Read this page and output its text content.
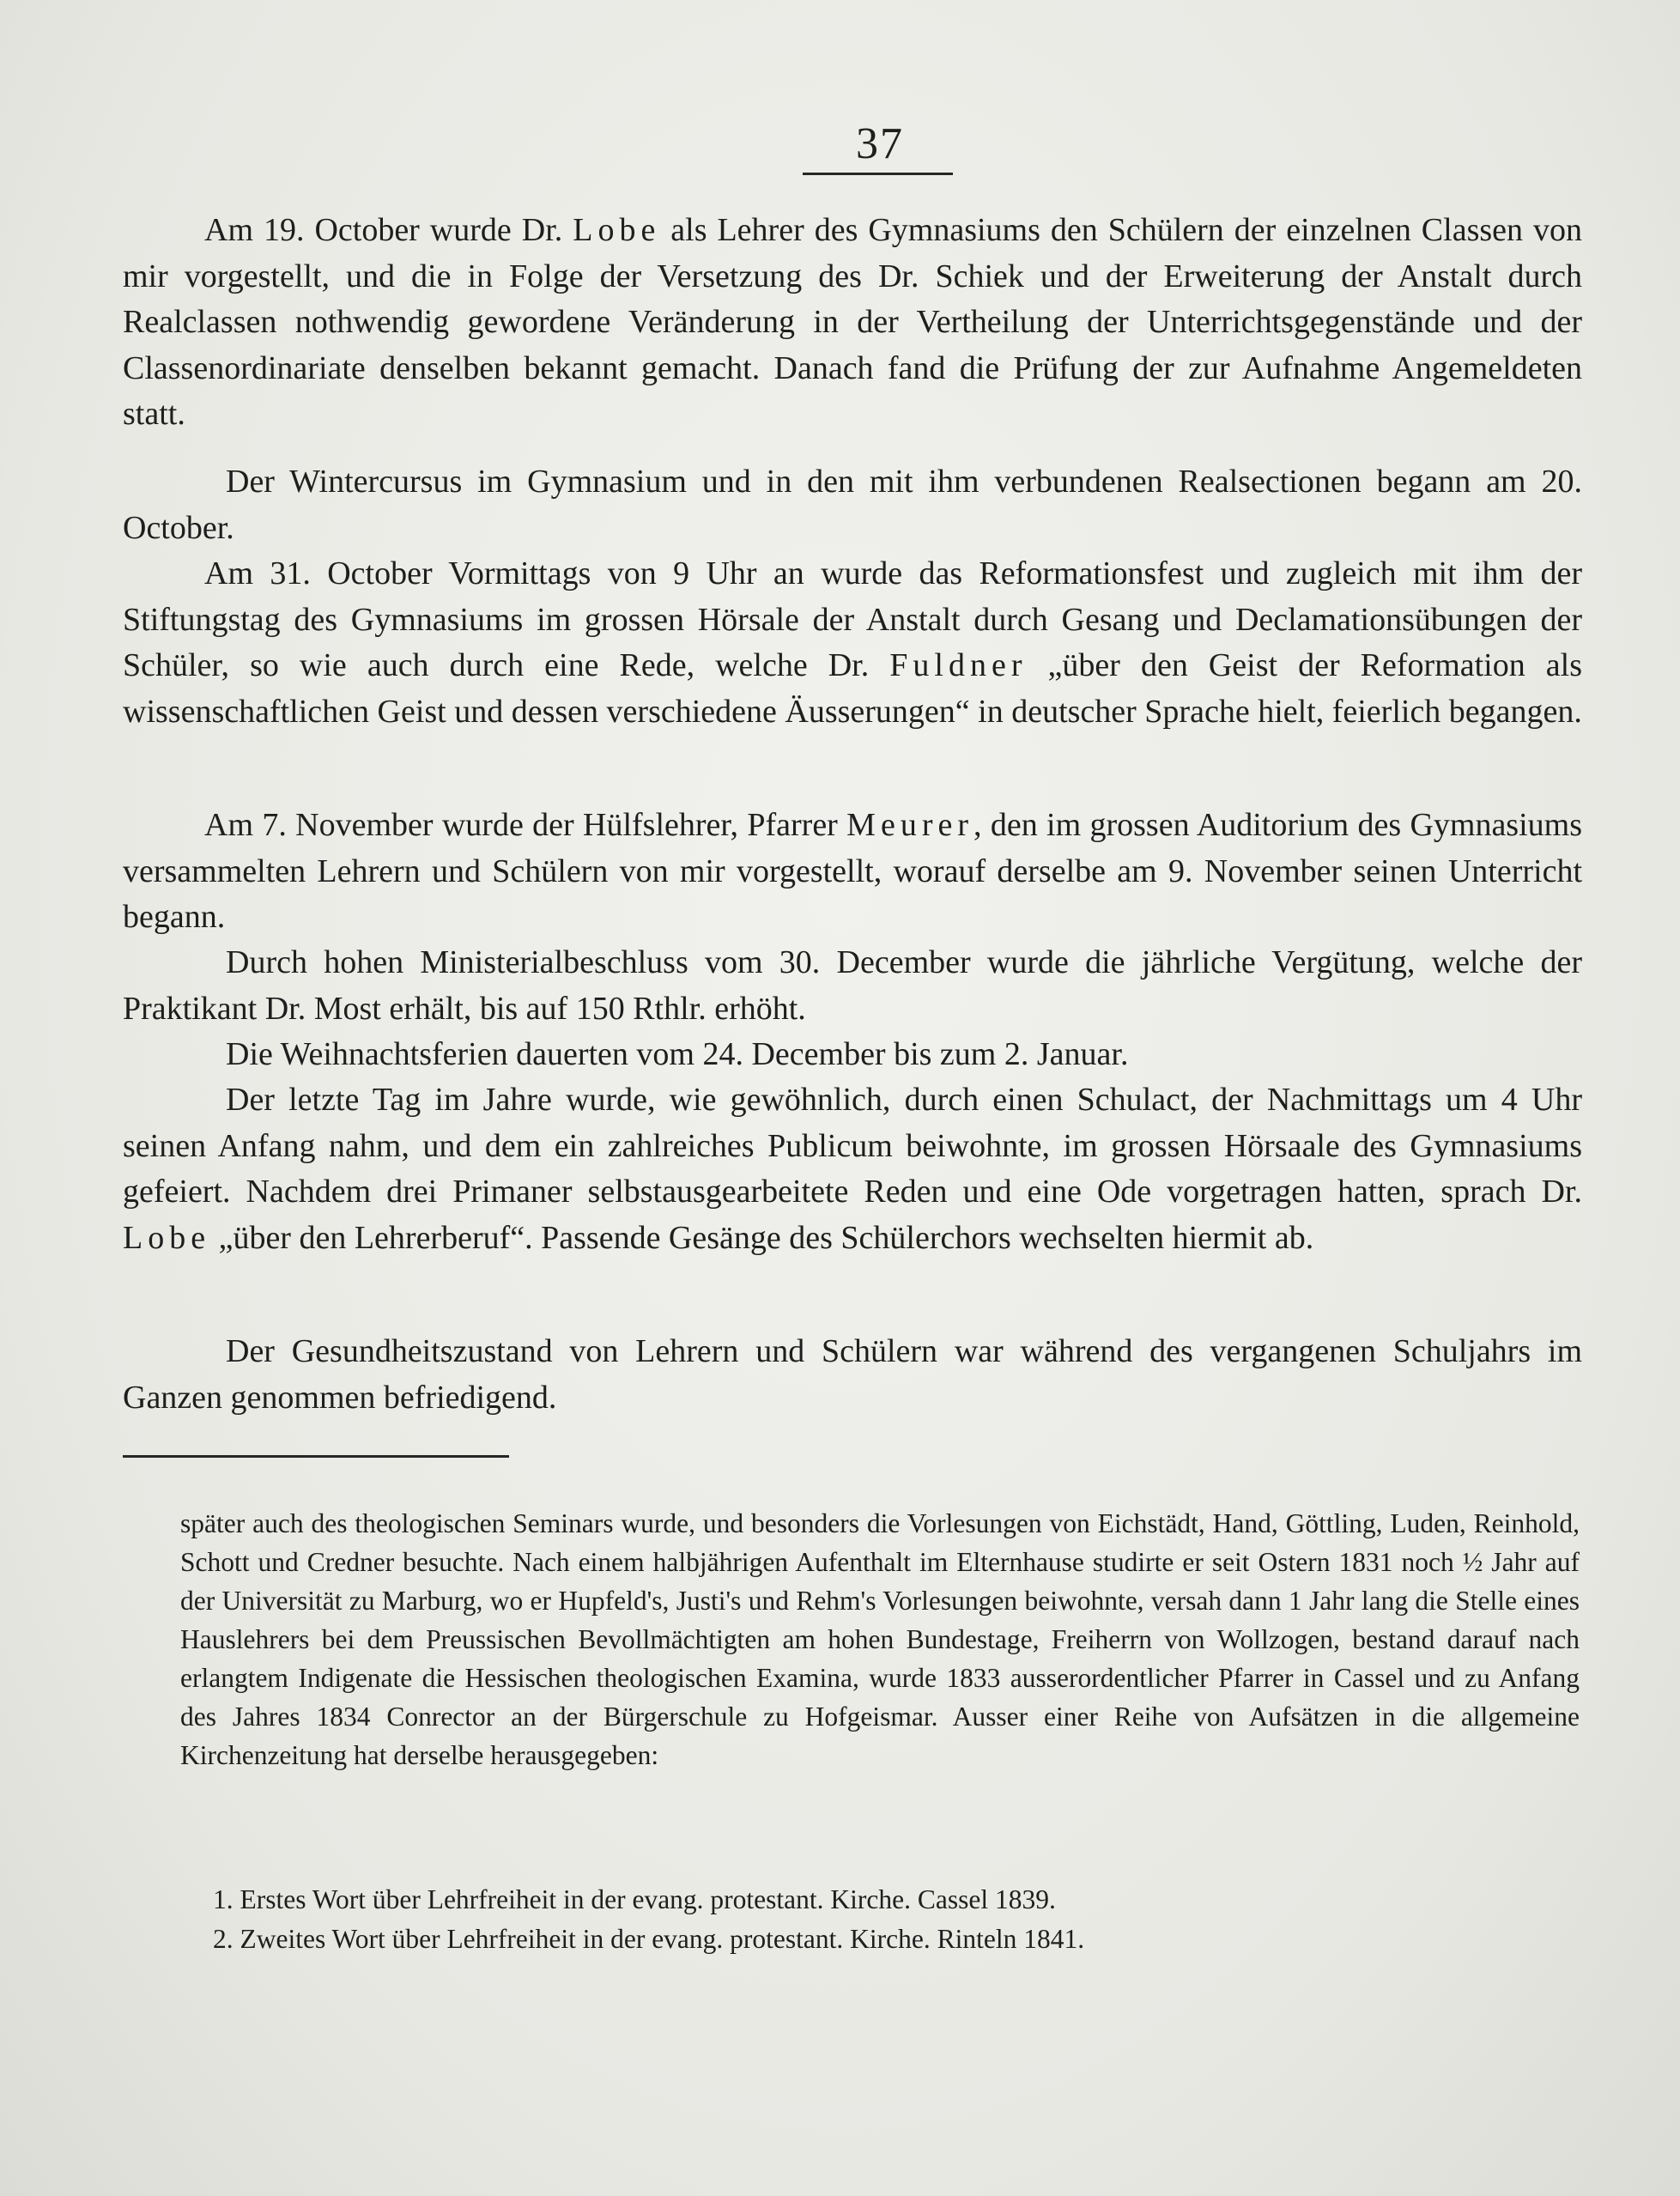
37

Am 19. October wurde Dr. Lobe als Lehrer des Gymnasiums den Schülern der einzelnen Classen von mir vorgestellt, und die in Folge der Versetzung des Dr. Schiek und der Erweiterung der Anstalt durch Realclassen nothwendig gewordene Veränderung in der Vertheilung der Unterrichtsgegenstände und der Classenordinariate denselben bekannt gemacht. Danach fand die Prüfung der zur Aufnahme Angemeldeten statt.

Der Wintercursus im Gymnasium und in den mit ihm verbundenen Realsectionen begann am 20. October.

Am 31. October Vormittags von 9 Uhr an wurde das Reformationsfest und zugleich mit ihm der Stiftungstag des Gymnasiums im grossen Hörsale der Anstalt durch Gesang und Declamationsübungen der Schüler, so wie auch durch eine Rede, welche Dr. Fuldner „über den Geist der Reformation als wissenschaftlichen Geist und dessen verschiedene Äusserungen“ in deutscher Sprache hielt, feierlich begangen.

Am 7. November wurde der Hülfslehrer, Pfarrer Meurer, den im grossen Auditorium des Gymnasiums versammelten Lehrern und Schülern von mir vorgestellt, worauf derselbe am 9. November seinen Unterricht begann.

Durch hohen Ministerialbeschluss vom 30. December wurde die jährliche Vergütung, welche der Praktikant Dr. Most erhält, bis auf 150 Rthlr. erhöht.

Die Weihnachtsferien dauerten vom 24. December bis zum 2. Januar.

Der letzte Tag im Jahre wurde, wie gewöhnlich, durch einen Schulact, der Nachmittags um 4 Uhr seinen Anfang nahm, und dem ein zahlreiches Publicum beiwohnte, im grossen Hörsaale des Gymnasiums gefeiert. Nachdem drei Primaner selbstausgearbeitete Reden und eine Ode vorgetragen hatten, sprach Dr. Lobe „über den Lehrerberuf“. Passende Gesänge des Schülerchors wechselten hiermit ab.

Der Gesundheitszustand von Lehrern und Schülern war während des vergangenen Schuljahrs im Ganzen genommen befriedigend.

später auch des theologischen Seminars wurde, und besonders die Vorlesungen von Eichstädt, Hand, Göttling, Luden, Reinhold, Schott und Credner besuchte. Nach einem halbjährigen Aufenthalt im Elternhause studirte er seit Ostern 1831 noch ½ Jahr auf der Universität zu Marburg, wo er Hupfeld's, Justi's und Rehm's Vorlesungen beiwohnte, versah dann 1 Jahr lang die Stelle eines Hauslehrers bei dem Preussischen Bevollmächtigten am hohen Bundestage, Freiherrn von Wollzogen, bestand darauf nach erlangtem Indigenate die Hessischen theologischen Examina, wurde 1833 ausserordentlicher Pfarrer in Cassel und zu Anfang des Jahres 1834 Conrector an der Bürgerschule zu Hofgeismar. Ausser einer Reihe von Aufsätzen in die allgemeine Kirchenzeitung hat derselbe herausgegeben:

1. Erstes Wort über Lehrfreiheit in der evang. protestant. Kirche. Cassel 1839.
2. Zweites Wort über Lehrfreiheit in der evang. protestant. Kirche. Rinteln 1841.
